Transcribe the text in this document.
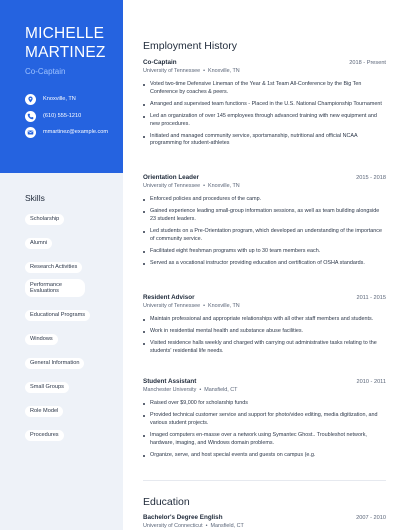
MICHELLE
MARTINEZ
Co-Captain
Knoxville, TN
(610) 555-1210
mmartinez@example.com
Skills
Scholarship
Alumni
Research Activities
Performance Evaluations
Educational Programs
Windows
General Information
Small Groups
Role Model
Procedures
Employment History
Co-Captain	2018 - Present
University of Tennessee  •  Knoxville, TN
Voted two-time Defensive Lineman of the Year & 1st Team All-Conference by the Big Ten Conference by coaches & peers.
Arranged and supervised team functions - Placed in the U.S. National Championship Tournament
Led an organization of over 145 employees through advanced training with new equipment and new procedures.
Initiated and managed community service, sportsmanship, nutritional and official NCAA programming for student-athletes
Orientation Leader	2015 - 2018
University of Tennessee  •  Knoxville, TN
Enforced policies and procedures of the camp.
Gained experience leading small-group information sessions, as well as team building alongside 23 student leaders.
Led students on a Pre-Orientation program, which developed an understanding of the importance of community service.
Facilitated eight freshman programs with up to 30 team members each.
Served as a vocational instructor providing education and certification of OSHA standards.
Resident Advisor	2011 - 2015
University of Tennessee  •  Knoxville, TN
Maintain professional and appropriate relationships with all other staff members and students.
Work in residential mental health and substance abuse facilities.
Visited residence halls weekly and charged with carrying out administrative tasks relating to the students' residential life needs.
Student Assistant	2010 - 2011
Manchester University  •  Mansfield, CT
Raised over $9,000 for scholarship funds
Provided technical customer service and support for photo/video editing, media digitization, and various student projects.
Imaged computers en-masse over a network using Symantec Ghost.. Troubleshot network, hardware, imaging, and Windows domain problems.
Organize, serve, and host special events and guests on campus (e.g.
Education
Bachelor's Degree English	2007 - 2010
University of Connecticut  •  Mansfield, CT
